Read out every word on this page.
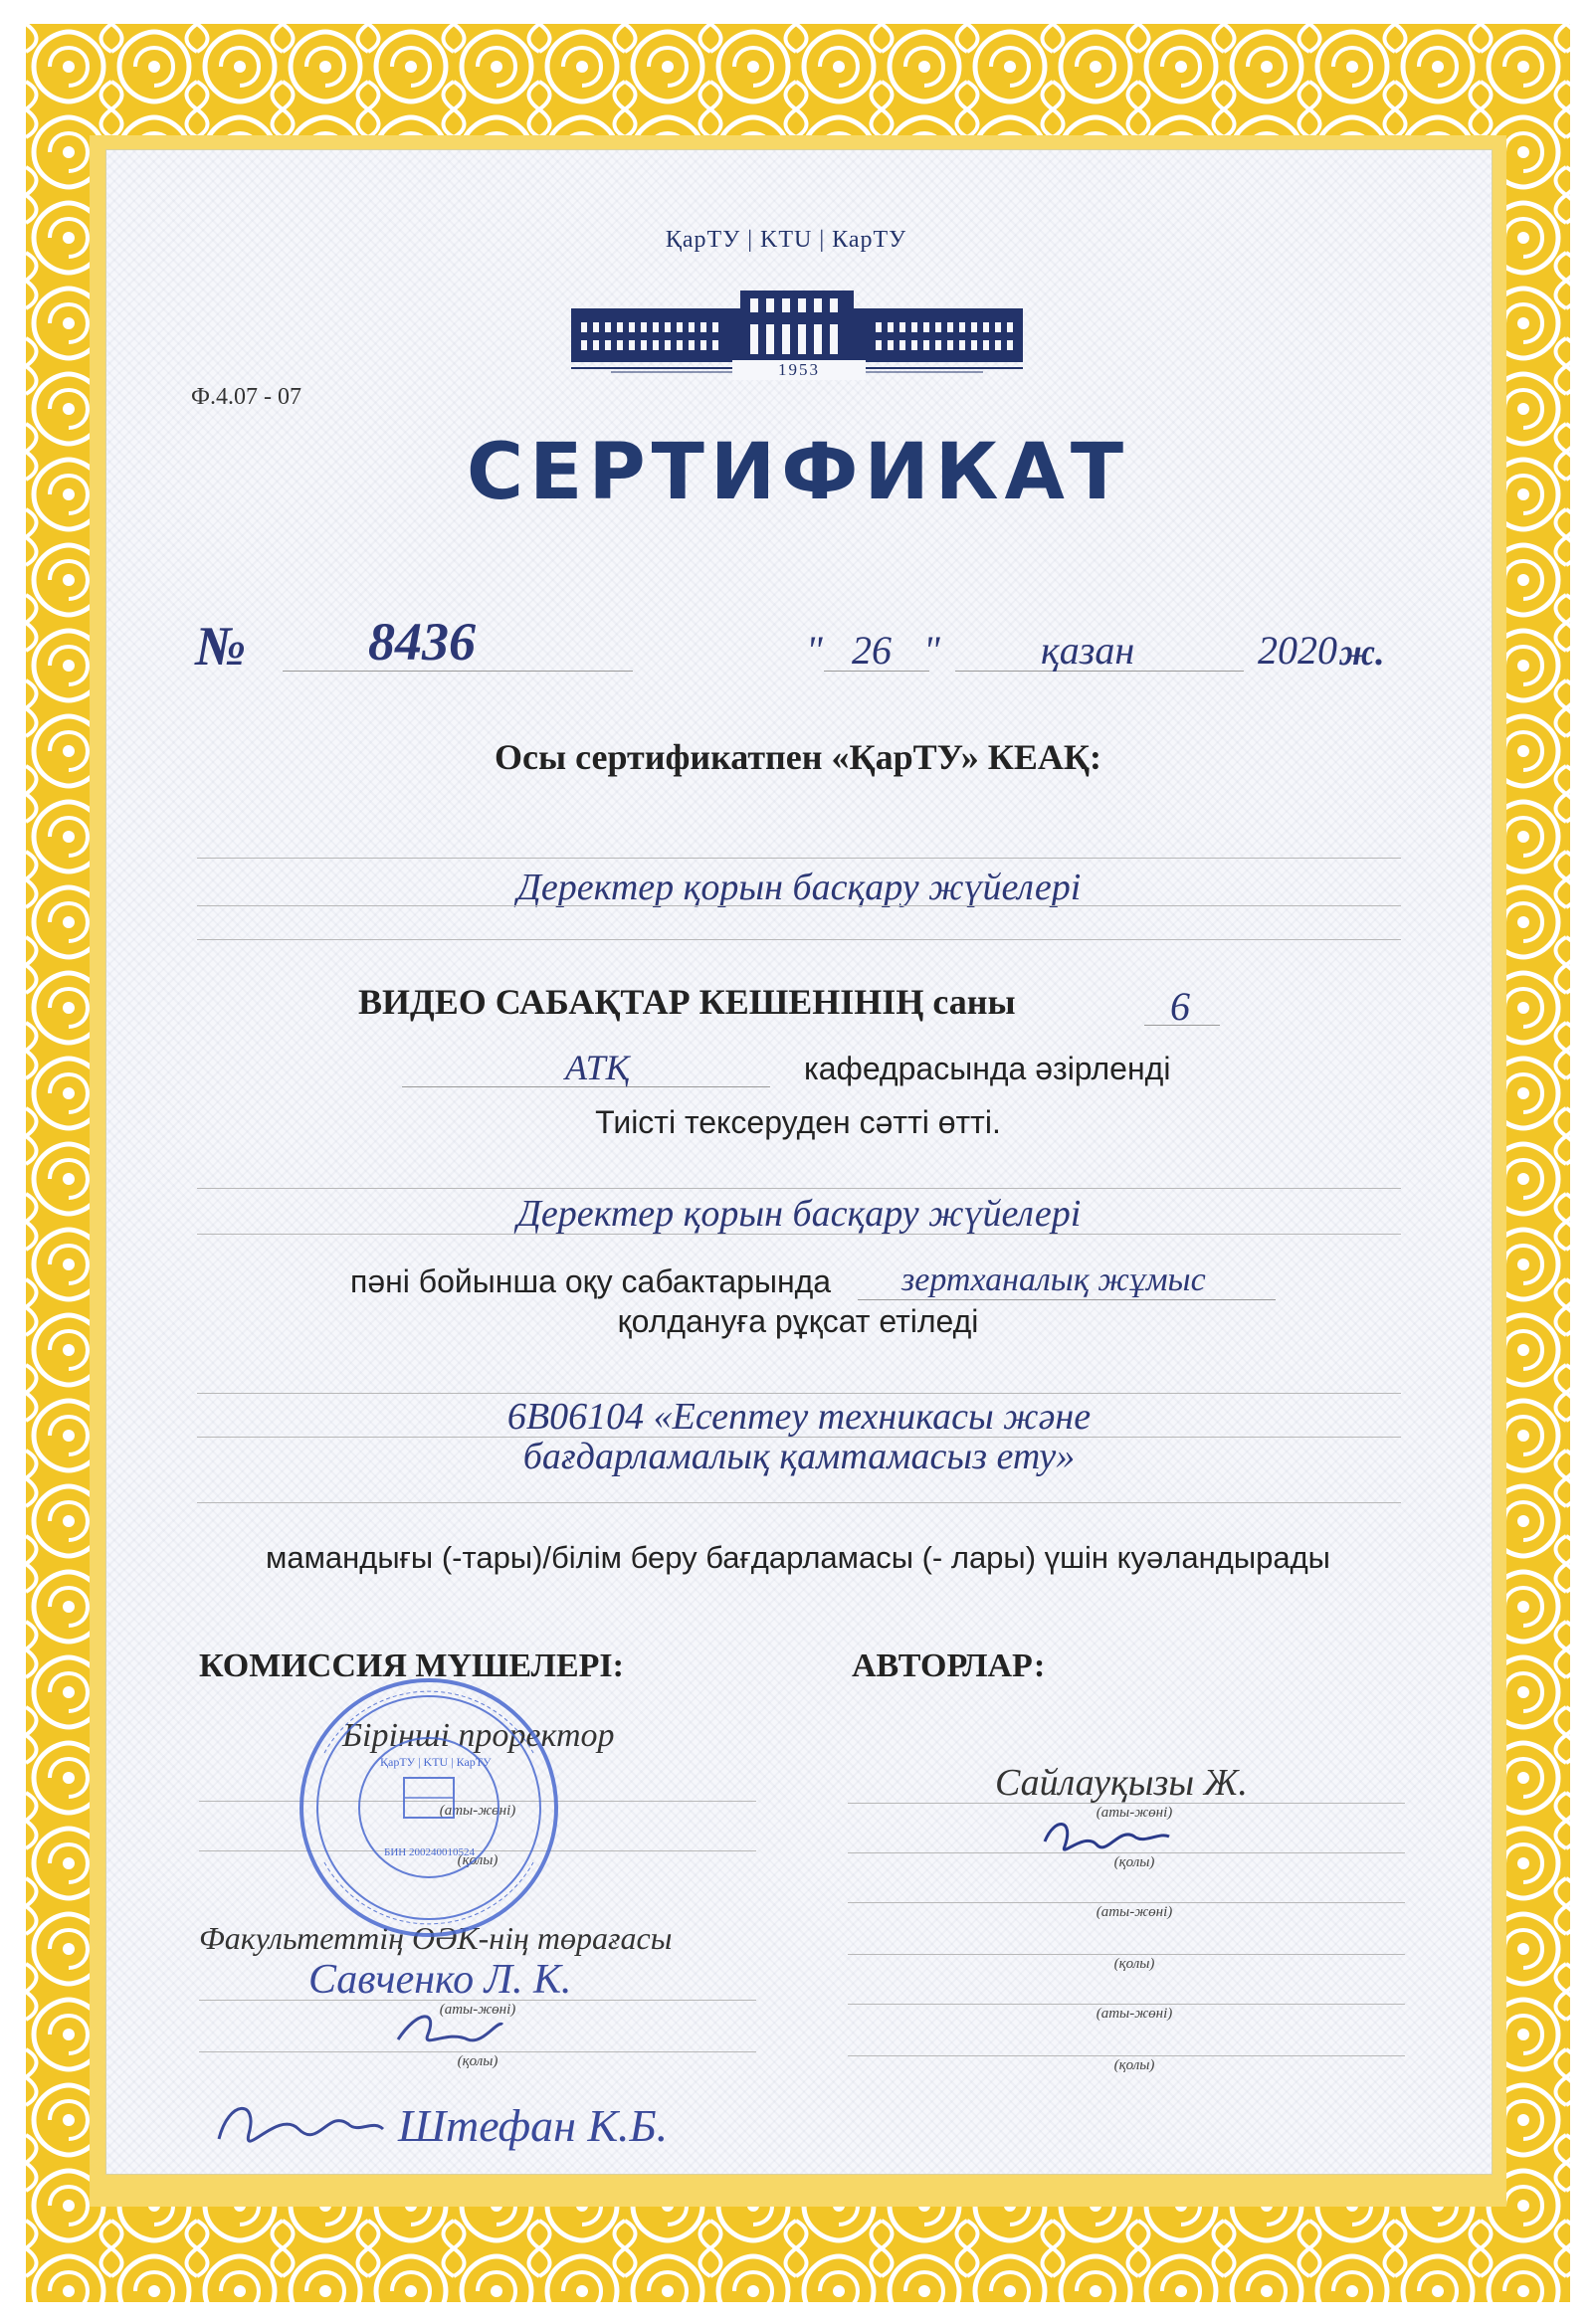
ҚарТУ | KTU | КарТУ
1953
Ф.4.07 - 07
СЕРТИФИКАТ
№ 8436	" 26 "	қазан	2020 ж.
Осы сертификатпен «ҚарТУ» КЕАҚ:
Деректер қорын басқару жүйелері
ВИДЕО САБАҚТАР КЕШЕНІНІҢ саны	6
АТҚ	кафедрасында әзірленді
Тиісті тексеруден сәтті өтті.
Деректер қорын басқару жүйелері
пәні бойынша оқу сабактарында зертханалық жұмыс
қолдануға рұқсат етіледі
6В06104 «Есептеу техникасы және
бағдарламалық қамтамасыз ету»
мамандығы (-тары)/білім беру бағдарламасы (- лары) үшін куәландырады
КОМИССИЯ МҮШЕЛЕРІ:
Бірінші проректор
(аты-жөні)
(қолы)
Факультеттің ОӘК-нің төрағасы
Савченко Л. К.
(аты-жөні)
(қолы)
Штефан К.Б.
ҚарТУ | KTU | КарТУ
БИН 200240010524
АВТОРЛАР:
Сайлауқызы Ж.
(аты-жөні)
(қолы)
(аты-жөні)
(қолы)
(аты-жөні)
(қолы)
